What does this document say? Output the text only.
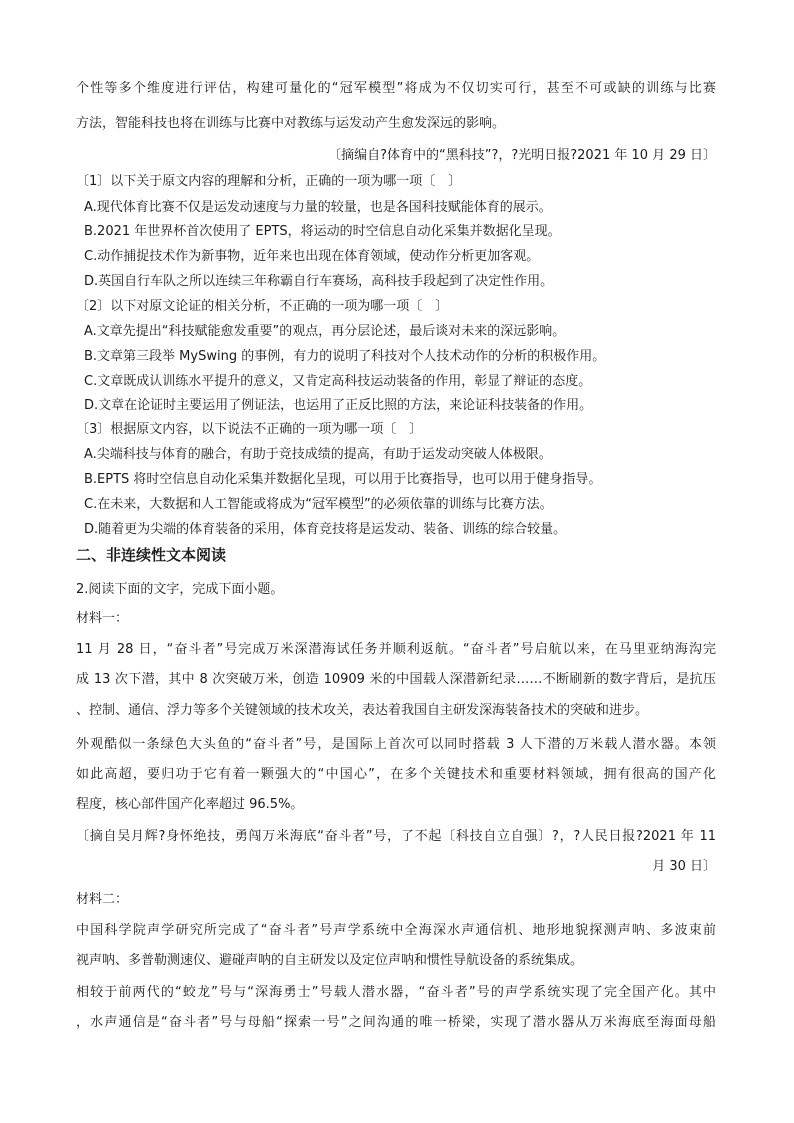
个性等多个维度进行评估，构建可量化的“冠军模型”将成为不仅切实可行，甚至不可或缺的训练与比赛
方法，智能科技也将在训练与比赛中对教练与运发动产生愈发深远的影响。
〔摘编自?体育中的“黑科技”?，?光明日报?2021 年 10 月 29 日〕
〔1〕以下关于原文内容的理解和分析，正确的一项为哪一项〔　〕
A.现代体育比赛不仅是运发动速度与力量的较量，也是各国科技赋能体育的展示。
B.2021 年世界杯首次使用了 EPTS，将运动的时空信息自动化采集并数据化呈现。
C.动作捕捉技术作为新事物，近年来也出现在体育领域，使动作分析更加客观。
D.英国自行车队之所以连续三年称霸自行车赛场，高科技手段起到了决定性作用。
〔2〕以下对原文论证的相关分析，不正确的一项为哪一项〔　〕
A.文章先提出“科技赋能愈发重要”的观点，再分层论述，最后谈对未来的深远影响。
B.文章第三段举 MySwing 的事例，有力的说明了科技对个人技术动作的分析的积极作用。
C.文章既成认训练水平提升的意义，又肯定高科技运动装备的作用，彰显了辩证的态度。
D.文章在论证时主要运用了例证法，也运用了正反比照的方法，来论证科技装备的作用。
〔3〕根据原文内容，以下说法不正确的一项为哪一项〔　〕
A.尖端科技与体育的融合，有助于竞技成绩的提高，有助于运发动突破人体极限。
B.EPTS 将时空信息自动化采集并数据化呈现，可以用于比赛指导，也可以用于健身指导。
C.在未来，大数据和人工智能或将成为“冠军模型”的必须依靠的训练与比赛方法。
D.随着更为尖端的体育装备的采用，体育竞技将是运发动、装备、训练的综合较量。
二、非连续性文本阅读
2.阅读下面的文字，完成下面小题。
材料一：
11 月 28 日，“奋斗者”号完成万米深潜海试任务并顺利返航。“奋斗者”号启航以来，在马里亚纳海沟完
成 13 次下潜，其中 8 次突破万米，创造 10909 米的中国载人深潜新纪录……不断刷新的数字背后，是抗压
、控制、通信、浮力等多个关键领域的技术攻关，表达着我国自主研发深海装备技术的突破和进步。
外观酷似一条绿色大头鱼的“奋斗者”号，是国际上首次可以同时搭载 3 人下潜的万米载人潜水器。本领
如此高超，要归功于它有着一颗强大的“中国心”，在多个关键技术和重要材料领域，拥有很高的国产化
程度，核心部件国产化率超过 96.5%。
〔摘自吴月辉?身怀绝技，勇闯万米海底“奋斗者”号，了不起〔科技自立自强〕?，?人民日报?2021 年 11
月 30 日〕
材料二：
中国科学院声学研究所完成了“奋斗者”号声学系统中全海深水声通信机、地形地貌探测声呐、多波束前
视声呐、多普勒测速仪、避碰声呐的自主研发以及定位声呐和惯性导航设备的系统集成。
相较于前两代的“蛟龙”号与“深海勇士”号载人潜水器，“奋斗者”号的声学系统实现了完全国产化。其中
，水声通信是“奋斗者”号与母船“探索一号”之间沟通的唯一桥梁，实现了潜水器从万米海底至海面母船
